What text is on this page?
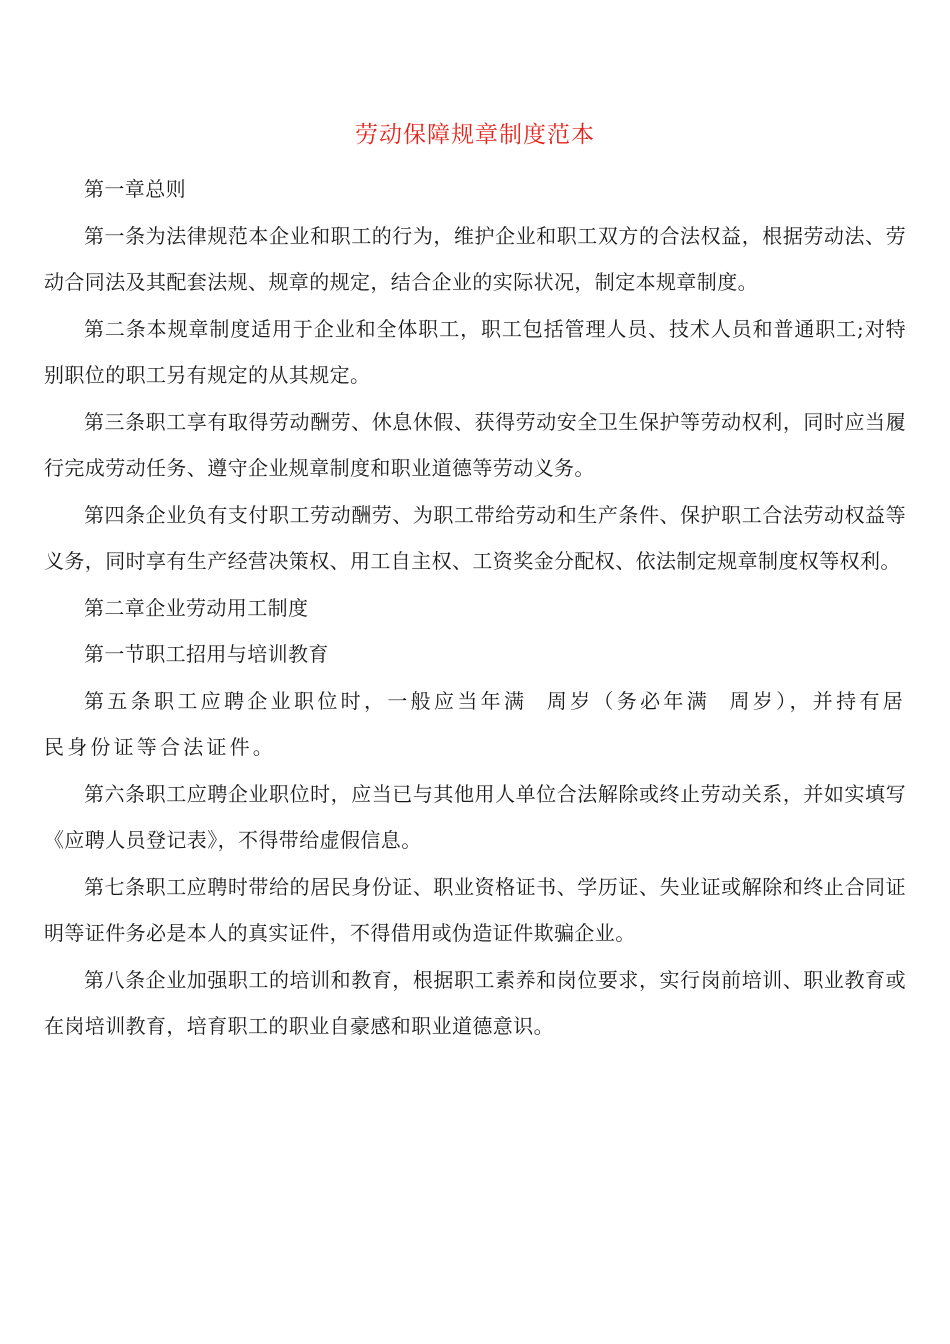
劳动保障规章制度范本

第一章总则

第一条为法律规范本企业和职工的行为，维护企业和职工双方的合法权益，根据劳动法、劳动合同法及其配套法规、规章的规定，结合企业的实际状况，制定本规章制度。

第二条本规章制度适用于企业和全体职工，职工包括管理人员、技术人员和普通职工;对特别职位的职工另有规定的从其规定。

第三条职工享有取得劳动酬劳、休息休假、获得劳动安全卫生保护等劳动权利，同时应当履行完成劳动任务、遵守企业规章制度和职业道德等劳动义务。

第四条企业负有支付职工劳动酬劳、为职工带给劳动和生产条件、保护职工合法劳动权益等义务，同时享有生产经营决策权、用工自主权、工资奖金分配权、依法制定规章制度权等权利。

第二章企业劳动用工制度

第一节职工招用与培训教育

第五条职工应聘企业职位时，一般应当年满  周岁（务必年满  周岁），并持有居民身份证等合法证件。

第六条职工应聘企业职位时，应当已与其他用人单位合法解除或终止劳动关系，并如实填写《应聘人员登记表》，不得带给虚假信息。

第七条职工应聘时带给的居民身份证、职业资格证书、学历证、失业证或解除和终止合同证明等证件务必是本人的真实证件，不得借用或伪造证件欺骗企业。

第八条企业加强职工的培训和教育，根据职工素养和岗位要求，实行岗前培训、职业教育或在岗培训教育，培育职工的职业自豪感和职业道德意识。
